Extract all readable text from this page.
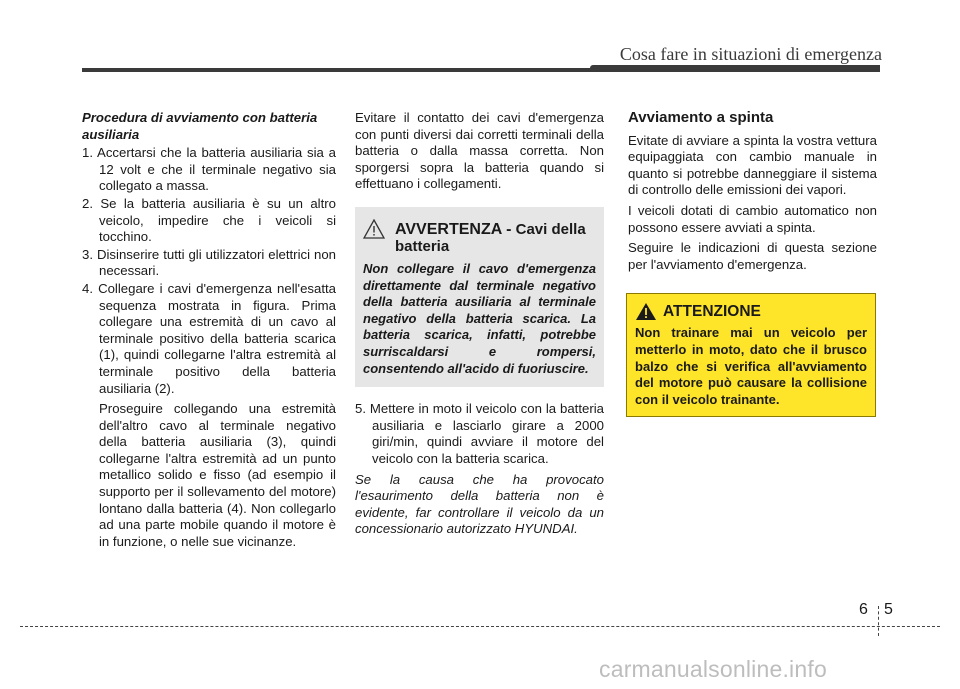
Cosa fare in situazioni di emergenza
Procedura di avviamento con batteria ausiliaria
1. Accertarsi che la batteria ausiliaria sia a 12 volt e che il terminale negativo sia collegato a massa.
2. Se la batteria ausiliaria è su un altro veicolo, impedire che i veicoli si tocchino.
3. Disinserire tutti gli utilizzatori elettrici non necessari.
4. Collegare i cavi d'emergenza nell'esatta sequenza mostrata in figura. Prima collegare una estremità di un cavo al terminale positivo della batteria scarica (1), quindi collegarne l'altra estremità al terminale positivo della batteria ausiliaria (2).
Proseguire collegando una estremità dell'altro cavo al terminale negativo della batteria ausiliaria (3), quindi collegarne l'altra estremità ad un punto metallico solido e fisso (ad esempio il supporto per il sollevamento del motore) lontano dalla batteria (4). Non collegarlo ad una parte mobile quando il motore è in funzione, o nelle sue vicinanze.
Evitare il contatto dei cavi d'emergenza con punti diversi dai corretti terminali della batteria o dalla massa corretta. Non sporgersi sopra la batteria quando si effettuano i collegamenti.
AVVERTENZA - Cavi della batteria
Non collegare il cavo d'emergenza direttamente dal terminale negativo della batteria ausiliaria al terminale negativo della batteria scarica. La batteria scarica, infatti, potrebbe surriscaldarsi e rompersi, consentendo all'acido di fuoriuscire.
5. Mettere in moto il veicolo con la batteria ausiliaria e lasciarlo girare a 2000 giri/min, quindi avviare il motore del veicolo con la batteria scarica.
Se la causa che ha provocato l'esaurimento della batteria non è evidente, far controllare il veicolo da un concessionario autorizzato HYUNDAI.
Avviamento a spinta
Evitate di avviare a spinta la vostra vettura equipaggiata con cambio manuale in quanto si potrebbe danneggiare il sistema di controllo delle emissioni dei vapori.
I veicoli dotati di cambio automatico non possono essere avviati a spinta.
Seguire le indicazioni di questa sezione per l'avviamento d'emergenza.
ATTENZIONE
Non trainare mai un veicolo per metterlo in moto, dato che il brusco balzo che si verifica all'avviamento del motore può causare la collisione con il veicolo trainante.
6 5
carmanualsonline.info
